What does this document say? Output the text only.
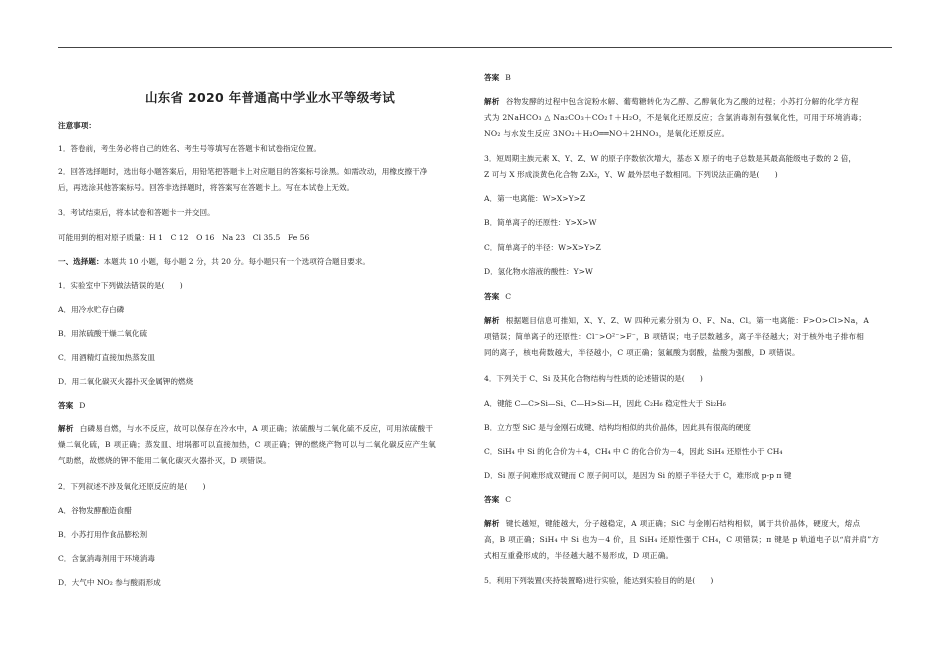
山东省 2020 年普通高中学业水平等级考试
注意事项：
1．答卷前，考生务必将自己的姓名、考生号等填写在答题卡和试卷指定位置。
2．回答选择题时，选出每小题答案后，用铅笔把答题卡上对应题目的答案标号涂黑。如需改动，用橡皮擦干净
后，再选涂其他答案标号。回答非选择题时，将答案写在答题卡上。写在本试卷上无效。
3．考试结束后，将本试卷和答题卡一并交回。
可能用到的相对原子质量：H 1　C 12　O 16　Na 23　Cl 35.5　Fe 56
一、选择题：本题共 10 小题，每小题 2 分，共 20 分。每小题只有一个选项符合题目要求。
1．实验室中下列做法错误的是(　　)
A．用冷水贮存白磷
B．用浓硫酸干燥二氧化硫
C．用酒精灯直接加热蒸发皿
D．用二氧化碳灭火器扑灭金属钾的燃烧
答案 D
解析 白磷易自燃，与水不反应，故可以保存在冷水中，A 项正确；浓硫酸与二氧化硫不反应，可用浓硫酸干
燥二氧化硫，B 项正确；蒸发皿、坩埚都可以直接加热，C 项正确；钾的燃烧产物可以与二氧化碳反应产生氧
气助燃，故燃烧的钾不能用二氧化碳灭火器扑灭，D 项错误。
2．下列叙述不涉及氧化还原反应的是(　　)
A．谷物发酵酿造食醋
B．小苏打用作食品膨松剂
C．含氯消毒剂用于环境消毒
D．大气中 NO₂ 参与酸雨形成
答案 B
解析 谷物发酵的过程中包含淀粉水解、葡萄糖转化为乙醇、乙醇氧化为乙酸的过程；小苏打分解的化学方程
式为 2NaHCO₃ △ Na₂CO₃＋CO₂↑＋H₂O，不是氧化还原反应；含氯消毒剂有强氧化性，可用于环境消毒；
NO₂ 与水发生反应 3NO₂＋H₂O══NO＋2HNO₃，是氧化还原反应。
3．短周期主族元素 X、Y、Z、W 的原子序数依次增大，基态 X 原子的电子总数是其最高能级电子数的 2 倍，
Z 可与 X 形成淡黄色化合物 Z₂X₂，Y、W 最外层电子数相同。下列说法正确的是(　　)
A．第一电离能：W>X>Y>Z
B．简单离子的还原性：Y>X>W
C．简单离子的半径：W>X>Y>Z
D．氢化物水溶液的酸性：Y>W
答案 C
解析 根据题目信息可推知，X、Y、Z、W 四种元素分别为 O、F、Na、Cl。第一电离能：F>O>Cl>Na，A
项错误；简单离子的还原性：Cl⁻>O²⁻>F⁻，B 项错误；电子层数越多，离子半径越大；对于核外电子排布相
同的离子，核电荷数越大，半径越小，C 项正确；氢氟酸为弱酸，盐酸为强酸，D 项错误。
4．下列关于 C、Si 及其化合物结构与性质的论述错误的是(　　)
A．键能 C—C>Si—Si、C—H>Si—H，因此 C₂H₆ 稳定性大于 Si₂H₆
B．立方型 SiC 是与金刚石成键、结构均相似的共价晶体，因此具有很高的硬度
C．SiH₄ 中 Si 的化合价为＋4，CH₄ 中 C 的化合价为－4，因此 SiH₄ 还原性小于 CH₄
D．Si 原子间难形成双键而 C 原子间可以，是因为 Si 的原子半径大于 C，难形成 p-p π 键
答案 C
解析 键长越短，键能越大，分子越稳定，A 项正确；SiC 与金刚石结构相似，属于共价晶体，硬度大，熔点
高，B 项正确；SiH₄ 中 Si 也为－4 价，且 SiH₄ 还原性强于 CH₄，C 项错误；π 键是 p 轨道电子以“肩并肩”方
式相互重叠形成的，半径越大越不易形成，D 项正确。
5．利用下列装置(夹持装置略)进行实验，能达到实验目的的是(　　)
